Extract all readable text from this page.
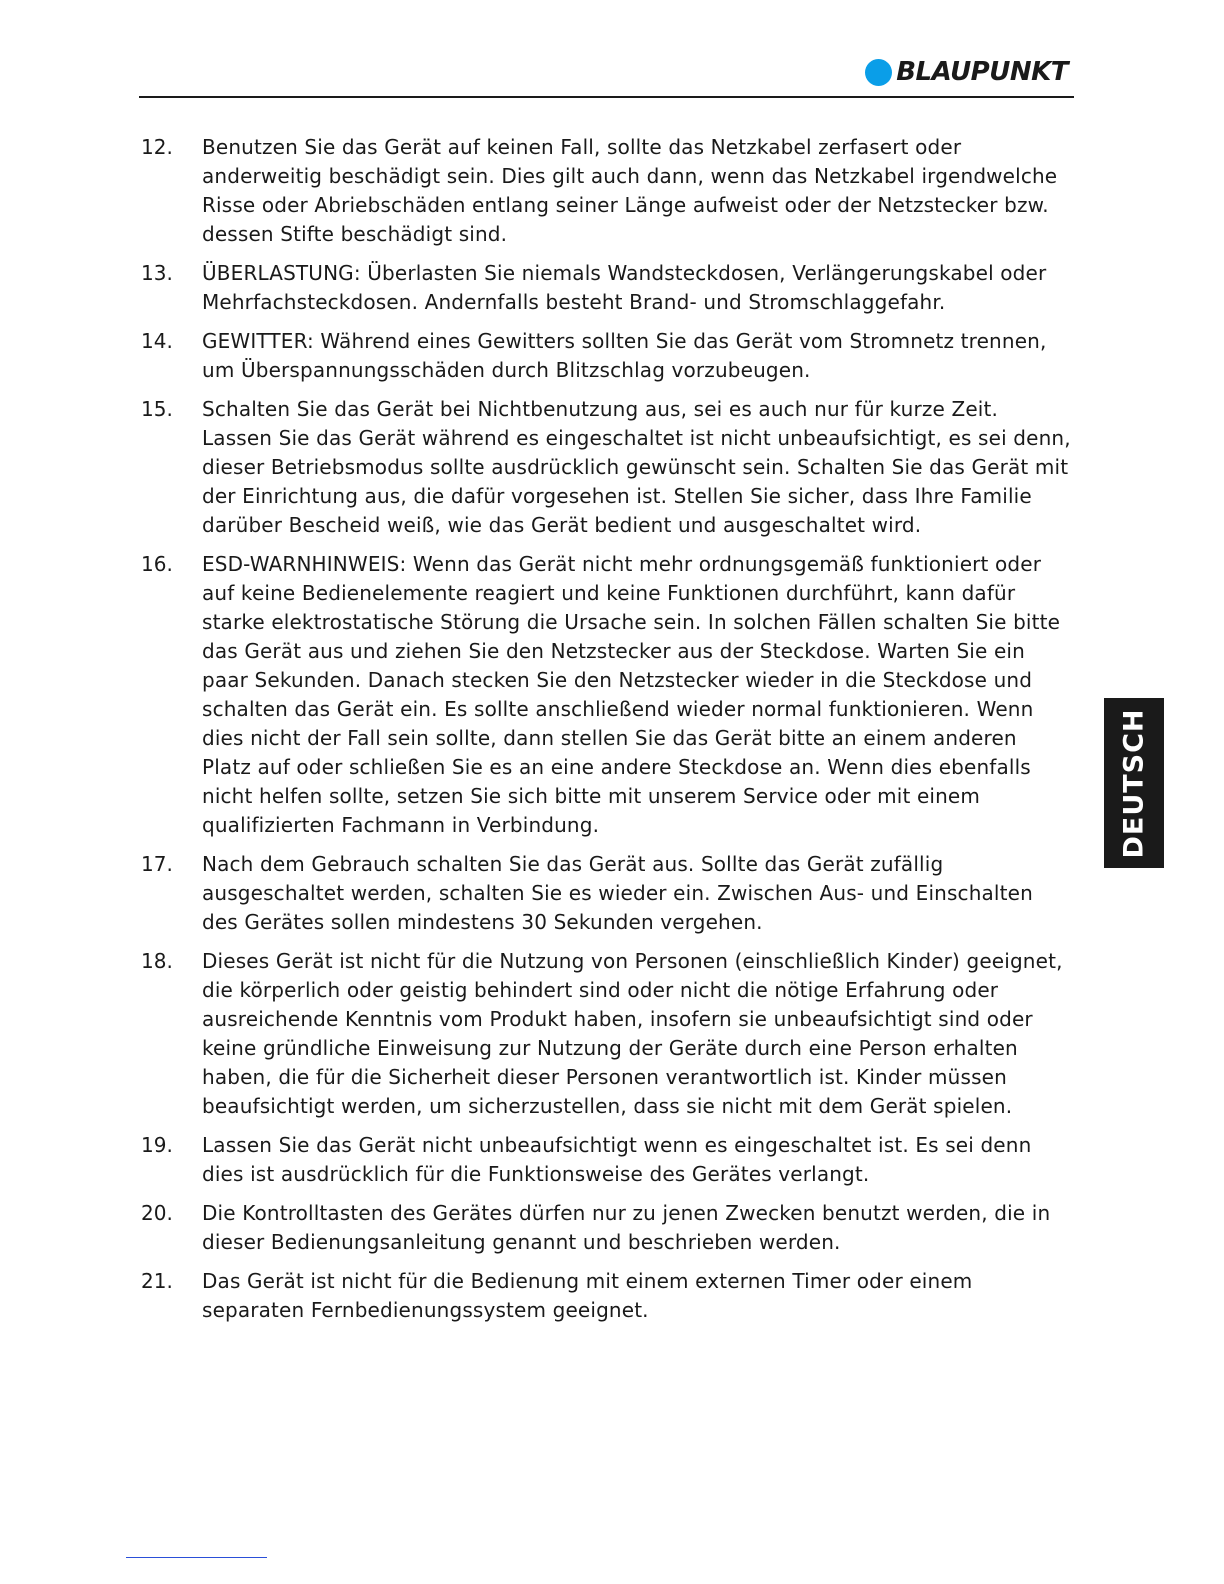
BLAUPUNKT
12.	Benutzen Sie das Gerät auf keinen Fall, sollte das Netzkabel zerfasert oder anderweitig beschädigt sein. Dies gilt auch dann, wenn das Netzkabel irgendwelche Risse oder Abriebschäden entlang seiner Länge aufweist oder der Netzstecker bzw. dessen Stifte beschädigt sind.
13.	ÜBERLASTUNG: Überlasten Sie niemals Wandsteckdosen, Verlängerungskabel oder Mehrfachsteckdosen. Andernfalls besteht Brand- und Stromschlaggefahr.
14.	GEWITTER: Während eines Gewitters sollten Sie das Gerät vom Stromnetz trennen, um Überspannungsschäden durch Blitzschlag vorzubeugen.
15.	Schalten Sie das Gerät bei Nichtbenutzung aus, sei es auch nur für kurze Zeit. Lassen Sie das Gerät während es eingeschaltet ist nicht unbeaufsichtigt, es sei denn, dieser Betriebsmodus sollte ausdrücklich gewünscht sein. Schalten Sie das Gerät mit der Einrichtung aus, die dafür vorgesehen ist. Stellen Sie sicher, dass Ihre Familie darüber Bescheid weiß, wie das Gerät bedient und ausgeschaltet wird.
16.	ESD-WARNHINWEIS: Wenn das Gerät nicht mehr ordnungsgemäß funktioniert oder auf keine Bedienelemente reagiert und keine Funktionen durchführt, kann dafür starke elektrostatische Störung die Ursache sein. In solchen Fällen schalten Sie bitte das Gerät aus und ziehen Sie den Netzstecker aus der Steckdose. Warten Sie ein paar Sekunden. Danach stecken Sie den Netzstecker wieder in die Steckdose und schalten das Gerät ein. Es sollte anschließend wieder normal funktionieren. Wenn dies nicht der Fall sein sollte, dann stellen Sie das Gerät bitte an einem anderen Platz auf oder schließen Sie es an eine andere Steckdose an. Wenn dies ebenfalls nicht helfen sollte, setzen Sie sich bitte mit unserem Service oder mit einem qualifizierten Fachmann in Verbindung.
17.	Nach dem Gebrauch schalten Sie das Gerät aus. Sollte das Gerät zufällig ausgeschaltet werden, schalten Sie es wieder ein. Zwischen Aus- und Einschalten des Gerätes sollen mindestens 30 Sekunden vergehen.
18.	Dieses Gerät ist nicht für die Nutzung von Personen (einschließlich Kinder) geeignet, die körperlich oder geistig behindert sind oder nicht die nötige Erfahrung oder ausreichende Kenntnis vom Produkt haben, insofern sie unbeaufsichtigt sind oder keine gründliche Einweisung zur Nutzung der Geräte durch eine Person erhalten haben, die für die Sicherheit dieser Personen verantwortlich ist. Kinder müssen beaufsichtigt werden, um sicherzustellen, dass sie nicht mit dem Gerät spielen.
19.	Lassen Sie das Gerät nicht unbeaufsichtigt wenn es eingeschaltet ist. Es sei denn dies ist ausdrücklich für die Funktionsweise des Gerätes verlangt.
20.	Die Kontrolltasten des Gerätes dürfen nur zu jenen Zwecken benutzt werden, die in dieser Bedienungsanleitung genannt und beschrieben werden.
21.	Das Gerät ist nicht für die Bedienung mit einem externen Timer oder einem separaten Fernbedienungssystem geeignet.
DEUTSCH
